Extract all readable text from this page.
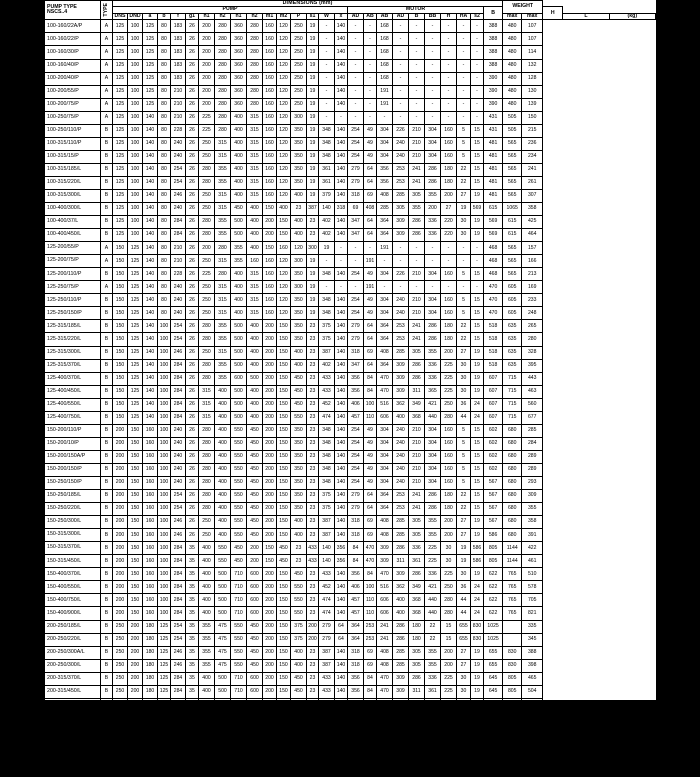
PUMP TYPE
NSCS..4	TYPE	DIMENSIONS (mm)																										WEIGHT				
		PUMP																MOTOR									B			H		
		DNS	DND	a	b	f	g1	h1	h2	n1	n2	m1	m2	P	s1	W	x	AD	AB	AB	AD	B	BB	H	HA	s2		max	max		L	(kg)
100-160/22A/P	A	125	100	125	80	183	26	200	280	360	280	160	120	250	19	-	140	-	-	168	-	-	-	-	-	-	388	480	107			
100-160/22/P	A	125	100	125	80	183	26	200	280	360	280	160	120	250	19	-	140	-	-	168	-	-	-	-	-	-	388	480	107			
100-160/30/P	A	125	100	125	80	183	26	200	280	360	280	160	120	250	19	-	140	-	-	168	-	-	-	-	-	-	388	480	114			
100-160/40/P	A	125	100	125	80	183	26	200	280	360	280	160	120	250	19	-	140	-	-	168	-	-	-	-	-	-	388	480	132			
100-200/40/P	A	125	100	125	80	183	26	200	280	360	280	160	120	250	19	-	140	-	-	168	-	-	-	-	-	-	390	480	128			
100-200/55/P	A	125	100	125	80	210	26	200	280	360	280	160	120	250	19	-	140	-	-	191	-	-	-	-	-	-	390	480	130			
100-200/75/P	A	125	100	125	80	210	26	200	280	360	280	160	120	250	19	-	140	-	-	191	-	-	-	-	-	-	390	480	139			
100-250/75/P	A	125	100	140	80	210	26	225	280	400	315	160	120	300	19	-	-	-	-	-	-	-	-	-	-	-	431	505	150			
100-250/110/P	B	125	100	140	80	228	26	225	280	400	315	160	120	350	19	348	140	254	49	304	226	210	304	160	5	15	431	505	215			
100-315/110/P	B	125	100	140	80	240	26	250	315	400	315	160	120	350	19	348	140	254	49	304	240	210	304	160	5	15	481	565	236			
100-315/15/P	B	125	100	140	80	240	26	250	315	400	315	160	120	350	19	348	140	254	49	304	240	210	304	160	5	15	481	565	234			
100-315/185/L	B	125	100	140	80	254	26	280	355	400	315	160	120	350	19	361	140	279	64	356	253	241	286	180	22	15	481	565	241			
100-315/220/L	B	125	100	140	80	254	26	280	355	400	315	160	120	350	19	361	140	279	64	356	253	241	286	180	22	15	481	565	261			
100-315/300/L	B	125	100	140	80	246	26	250	315	400	315	160	120	400	19	379	140	318	69	408	285	305	355	200	27	19	481	565	307			
100-400/300/L	B	125	100	140	80	240	26	250	315	450	400	150	400	23	387	140	318	69	408	285	305	355	200	27	19	569	615	1065	358			
100-400/37/L	B	125	100	140	80	284	26	280	355	500	400	200	150	400	23	402	140	347	64	364	309	286	336	220	30	19	569	615	425			
100-400/450/L	B	125	100	140	80	284	26	280	355	500	400	200	150	400	23	402	140	347	64	364	309	286	336	220	30	19	569	615	464			
125-200/55/P	A	150	125	140	80	210	26	200	280	355	400	150	160	120	300	19	-	-	-	191	-	-	-	-	-	-	468	565	157			
125-200/75/P	A	150	125	140	80	210	26	250	315	355	160	160	120	300	19	-	-	-	191	-	-	-	-	-	-	-	468	565	166			
125-200/110/P	B	150	125	140	80	228	26	225	280	400	315	160	120	350	19	348	140	254	49	304	226	210	304	160	5	15	468	565	213			
125-250/75/P	A	150	125	140	80	240	26	250	315	400	315	160	120	300	19	-	-	-	191	-	-	-	-	-	-	-	470	605	169			
125-250/110/P	B	150	125	140	80	240	26	250	315	400	315	160	120	350	19	348	140	254	49	304	240	210	304	160	5	15	470	605	233			
125-250/150/P	B	150	125	140	80	240	26	250	315	400	315	160	120	350	19	348	140	254	49	304	240	210	304	160	5	15	470	605	248			
125-315/185/L	B	150	125	140	100	254	26	280	355	500	400	200	150	350	23	375	140	279	64	364	253	241	286	180	22	15	518	635	265			
125-315/220/L	B	150	125	140	100	254	26	280	355	500	400	200	150	350	23	375	140	279	64	364	253	241	286	180	22	15	518	635	280			
125-315/300/L	B	150	125	140	100	246	26	250	315	500	400	200	150	400	23	387	140	318	69	408	285	305	355	200	27	19	518	635	328			
125-315/370/L	B	150	125	140	100	284	26	280	355	500	400	200	150	400	23	402	140	347	64	364	309	286	336	225	30	19	518	635	395			
125-400/370/L	B	150	125	140	100	284	26	280	355	600	500	200	150	450	23	433	140	356	84	470	309	286	336	225	30	19	607	715	443			
125-400/450/L	B	150	125	140	100	284	26	315	400	500	400	200	150	450	23	433	140	356	84	470	309	311	365	225	30	19	607	715	463			
125-400/550/L	B	150	125	140	100	284	26	315	400	500	400	200	150	450	23	452	140	406	100	516	362	349	421	250	36	24	607	715	560			
125-400/750/L	B	150	125	140	100	284	26	315	400	500	400	200	150	550	23	474	140	457	110	606	400	368	440	280	44	24	607	715	677			
150-200/110/P	B	200	150	160	100	240	26	280	400	550	450	200	150	350	23	348	140	254	49	304	240	210	304	160	5	15	602	680	285			
150-200/10/P	B	200	150	160	100	240	26	280	400	550	450	200	150	350	23	348	140	254	49	304	240	210	304	160	5	15	602	680	284			
150-200/150A/P	B	200	150	160	100	240	26	280	400	550	450	200	150	350	23	348	140	254	49	304	240	210	304	160	5	15	602	680	289			
150-200/150/P	B	200	150	160	100	240	26	280	400	550	450	200	150	350	23	348	140	254	49	304	240	210	304	160	5	15	602	680	289			
150-250/150/P	B	200	150	160	100	240	26	280	400	550	450	200	150	350	23	348	140	254	49	304	240	210	304	160	5	15	567	680	293			
150-250/185/L	B	200	150	160	100	254	26	280	400	550	450	200	150	350	23	375	140	279	64	364	253	241	286	180	22	15	567	680	309			
150-250/220/L	B	200	150	160	100	254	26	280	400	550	450	200	150	350	23	375	140	279	64	364	253	241	286	180	22	15	567	680	355			
150-250/300/L	B	200	150	160	100	246	26	250	400	550	450	200	150	400	23	387	140	318	69	408	285	305	355	200	27	19	567	680	358			
150-315/300/L	B	200	150	160	100	246	26	250	400	550	450	200	150	400	23	387	140	318	69	408	285	305	355	200	27	19	586	680	391			
150-315/370/L	B	200	150	160	100	284	35	400	550	450	200	150	450	23	433	140	356	84	470	309	286	336	225	30	19	586	805	1144	422			
150-315/450/L	B	200	150	160	100	284	35	400	550	450	200	150	450	23	433	140	356	84	470	309	311	361	225	30	19	586	805	1144	461			
150-400/370/L	B	200	150	160	100	284	35	400	500	710	600	200	150	450	23	433	140	356	84	470	309	286	336	225	30	19	622	765	510			
150-400/550/L	B	200	150	160	100	284	35	400	500	710	600	200	150	550	23	452	140	406	100	516	362	349	421	250	36	24	622	765	578			
150-400/750/L	B	200	150	160	100	284	35	400	500	710	600	200	150	550	23	474	140	457	110	606	400	368	440	280	44	24	622	765	705			
150-400/900/L	B	200	150	160	100	284	35	400	500	710	600	200	150	550	23	474	140	457	110	606	400	368	440	280	44	24	622	765	821			
200-250/185/L	B	250	200	180	125	254	35	355	475	550	450	200	150	375	200	279	64	364	253	241	286	180	22	15	655	830	1025		335			
200-250/220/L	B	250	200	180	125	254	35	355	475	550	450	200	150	375	200	279	64	364	253	241	286	180	22	15	655	830	1025		345			
200-250/300A/L	B	250	200	180	125	246	35	355	475	550	450	200	150	400	23	387	140	318	69	408	285	305	355	200	27	19	655	830	388			
200-250/300/L	B	250	200	180	125	246	35	355	475	550	450	200	150	400	23	387	140	318	69	408	285	305	355	200	27	19	655	830	398			
200-315/370/L	B	250	200	180	125	284	35	400	500	710	600	200	150	450	23	433	140	356	84	470	309	286	336	225	30	19	645	805	465			
200-315/450/L	B	250	200	180	125	284	35	400	500	710	600	200	150	450	23	433	140	356	84	470	309	311	361	225	30	19	645	805	504			
200-315/550/L	B	250	200	180	125	284	35	400	500	710	600	200	150	550	23	452	140	406	100	516	362	349	421	250	36	24	645	805	622			
200-315/750/L	B	250	200	180	125	284	35	400	500	710	600	200	150	550	23	474	140	457	110	606	400	368	440	280	44	24	645	805	739			
250-315/550/L	B	300	250	250	110	284	35	400	500	710	600	200	150	550	23	452	140	406	100	516	362	349	421	250	36	24	767	900	633			
250-315/450/L	B	300	250	250	110	284	35	400	500	710	600	200	150	450	23	433	140	356	84	470	309	311	361	225	30	19	767	900	588			
250-315/750/L	B	300	250	250	110	284	35	400	500	710	600	200	150	550	23	474	140	457	110	606	400	368	440	280	44	24	767	900	717			
250-315/750/L	B	300	250	250	110	284	35	400	500	710	600	200	150	550	23	474	140	457	110	606	400	368	440	280	44	24	767	900	794			
